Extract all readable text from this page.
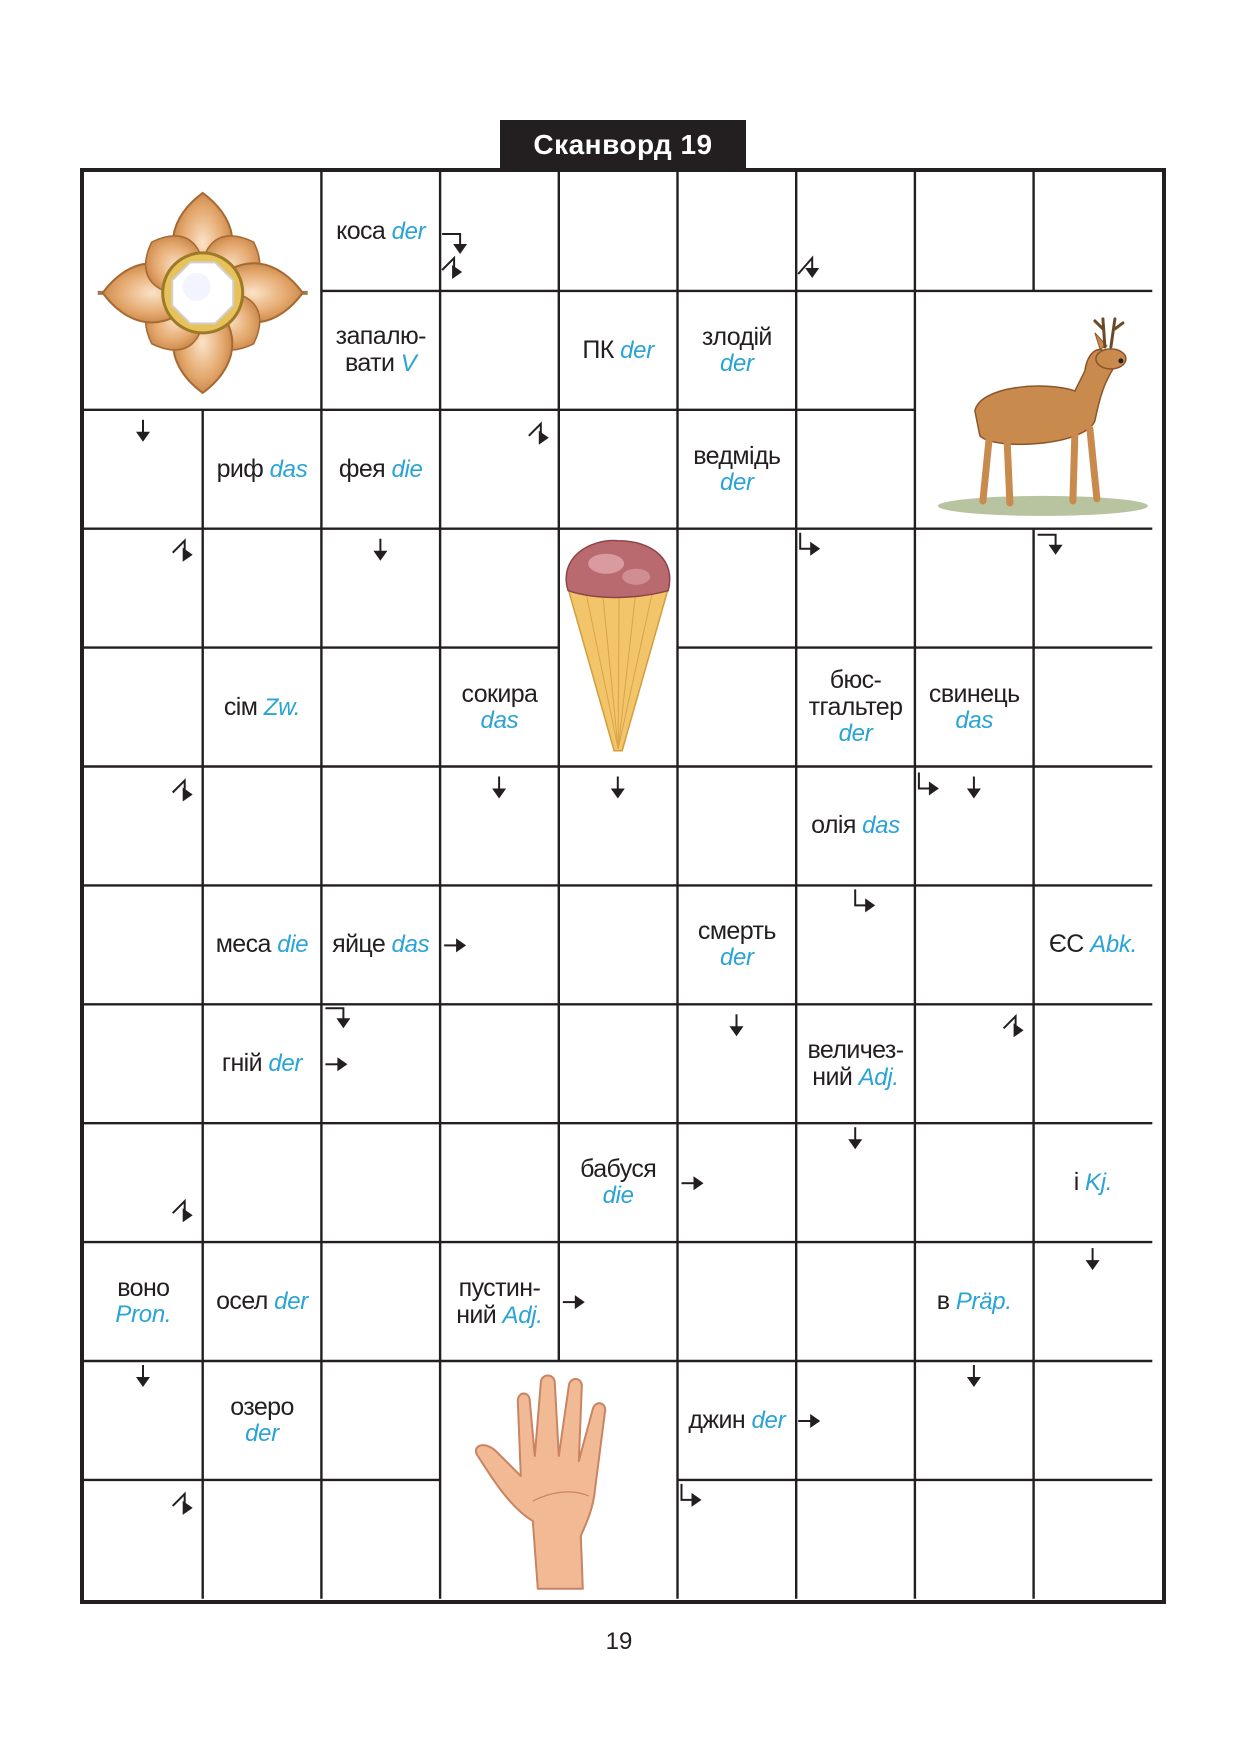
Сканворд 19
коса der
запалю-
вати V	ПК der злодій
der
риф das фея die	ведмідь
der
сім Zw.	сокира
das
бюс-
тгальтер der
свинець
das
олія das
меса die яйце das	смерть
der	ЄС Abk.
гній der	величез-
ний Adj.
бабуся
die	і Kj.
воно Pron.	осел der	пустин-
ний Adj.	в Präp.
озеро
der	джин der
19
